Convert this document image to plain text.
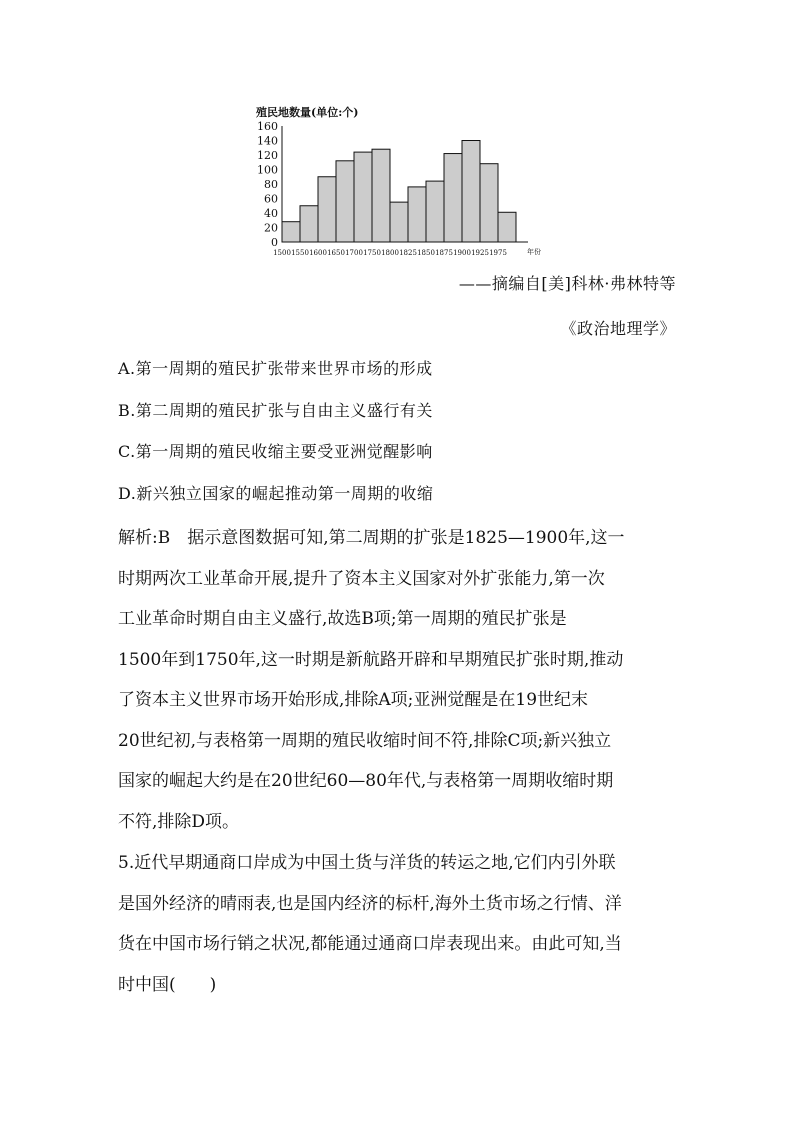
殖民地数量(单位:个)
160
140
120
100
80
60
40
20
0
1500 1550 1600 1650 1700 1750 1800 1825 1850 1875 1900 1925 1975	年份
——摘编自[美]科林·弗林特等
《政治地理学》
A.第一周期的殖民扩张带来世界市场的形成
B.第二周期的殖民扩张与自由主义盛行有关
C.第一周期的殖民收缩主要受亚洲觉醒影响
D.新兴独立国家的崛起推动第一周期的收缩
解析:B　据示意图数据可知,第二周期的扩张是1825—1900年,这一
时期两次工业革命开展,提升了资本主义国家对外扩张能力,第一次
工业革命时期自由主义盛行,故选B项;第一周期的殖民扩张是
1500年到1750年,这一时期是新航路开辟和早期殖民扩张时期,推动
了资本主义世界市场开始形成,排除A项;亚洲觉醒是在19世纪末
20世纪初,与表格第一周期的殖民收缩时间不符,排除C项;新兴独立
国家的崛起大约是在20世纪60—80年代,与表格第一周期收缩时期
不符,排除D项。
5.近代早期通商口岸成为中国土货与洋货的转运之地,它们内引外联
是国外经济的晴雨表,也是国内经济的标杆,海外土货市场之行情、洋
货在中国市场行销之状况,都能通过通商口岸表现出来。由此可知,当
时中国(　　)
